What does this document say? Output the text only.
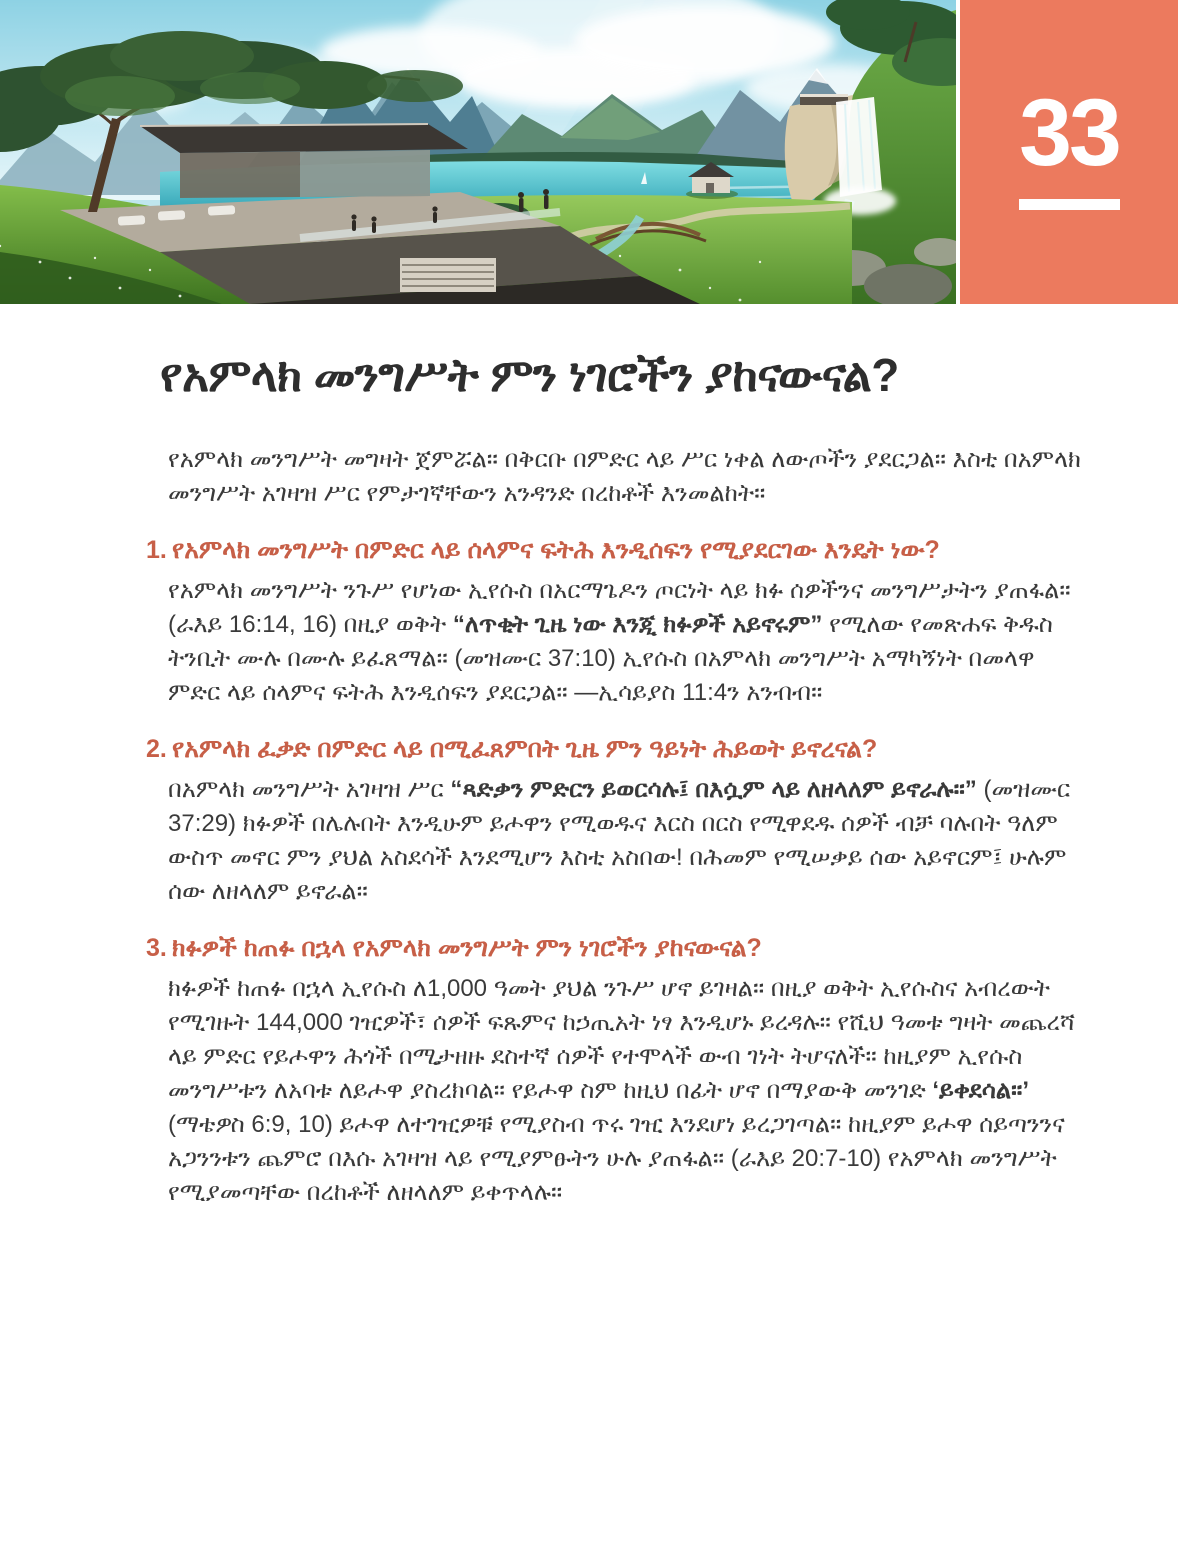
33
የአምላክ መንግሥት ምን ነገሮችን ያከናውናል?

የአምላክ መንግሥት መግዛት ጀምሯል። በቅርቡ በምድር ላይ ሥር ነቀል ለውጦችን ያደርጋል። እስቲ በአምላክ መንግሥት አገዛዝ ሥር የምታገኛቸውን አንዳንድ በረከቶች እንመልከት።

1. የአምላክ መንግሥት በምድር ላይ ሰላምና ፍትሕ እንዲሰፍን የሚያደርገው እንዴት ነው?

የአምላክ መንግሥት ንጉሥ የሆነው ኢየሱስ በአርማጌዶን ጦርነት ላይ ክፉ ሰዎችንና መንግሥታትን ያጠፋል። (ራእይ 16:14, 16) በዚያ ወቅት “ለጥቂት ጊዜ ነው እንጂ ክፉዎች አይኖሩም” የሚለው የመጽሐፍ ቅዱስ ትንቢት ሙሉ በሙሉ ይፈጸማል። (መዝሙር 37:10) ኢየሱስ በአምላክ መንግሥት አማካኝነት በመላዋ ምድር ላይ ሰላምና ፍትሕ እንዲሰፍን ያደርጋል። —ኢሳይያስ 11:4ን አንብብ።

2. የአምላክ ፈቃድ በምድር ላይ በሚፈጸምበት ጊዜ ምን ዓይነት ሕይወት ይኖረናል?

በአምላክ መንግሥት አገዛዝ ሥር “ጻድቃን ምድርን ይወርሳሉ፤ በእሷም ላይ ለዘላለም ይኖራሉ።” (መዝሙር 37:29) ክፉዎች በሌሉበት እንዲሁም ይሖዋን የሚወዱና እርስ በርስ የሚዋደዱ ሰዎች ብቻ ባሉበት ዓለም ውስጥ መኖር ምን ያህል አስደሳች እንደሚሆን እስቲ አስበው! በሕመም የሚሠቃይ ሰው አይኖርም፤ ሁሉም ሰው ለዘላለም ይኖራል።

3. ክፉዎች ከጠፉ በኋላ የአምላክ መንግሥት ምን ነገሮችን ያከናውናል?

ክፉዎች ከጠፉ በኋላ ኢየሱስ ለ1,000 ዓመት ያህል ንጉሥ ሆኖ ይገዛል። በዚያ ወቅት ኢየሱስና አብረውት የሚገዙት 144,000 ገዢዎች፣ ሰዎች ፍጹምና ከኃጢአት ነፃ እንዲሆኑ ይረዳሉ። የሺህ ዓመቱ ግዛት መጨረሻ ላይ ምድር የይሖዋን ሕጎች በሚታዘዙ ደስተኛ ሰዎች የተሞላች ውብ ገነት ትሆናለች። ከዚያም ኢየሱስ መንግሥቱን ለአባቱ ለይሖዋ ያስረክባል። የይሖዋ ስም ከዚህ በፊት ሆኖ በማያውቅ መንገድ ‘ይቀደሳል።’ (ማቴዎስ 6:9, 10) ይሖዋ ለተገዢዎቹ የሚያስብ ጥሩ ገዢ እንደሆነ ይረጋገጣል። ከዚያም ይሖዋ ሰይጣንንና አጋንንቱን ጨምሮ በእሱ አገዛዝ ላይ የሚያምፁትን ሁሉ ያጠፋል። (ራእይ 20:7-10) የአምላክ መንግሥት የሚያመጣቸው በረከቶች ለዘላለም ይቀጥላሉ።
